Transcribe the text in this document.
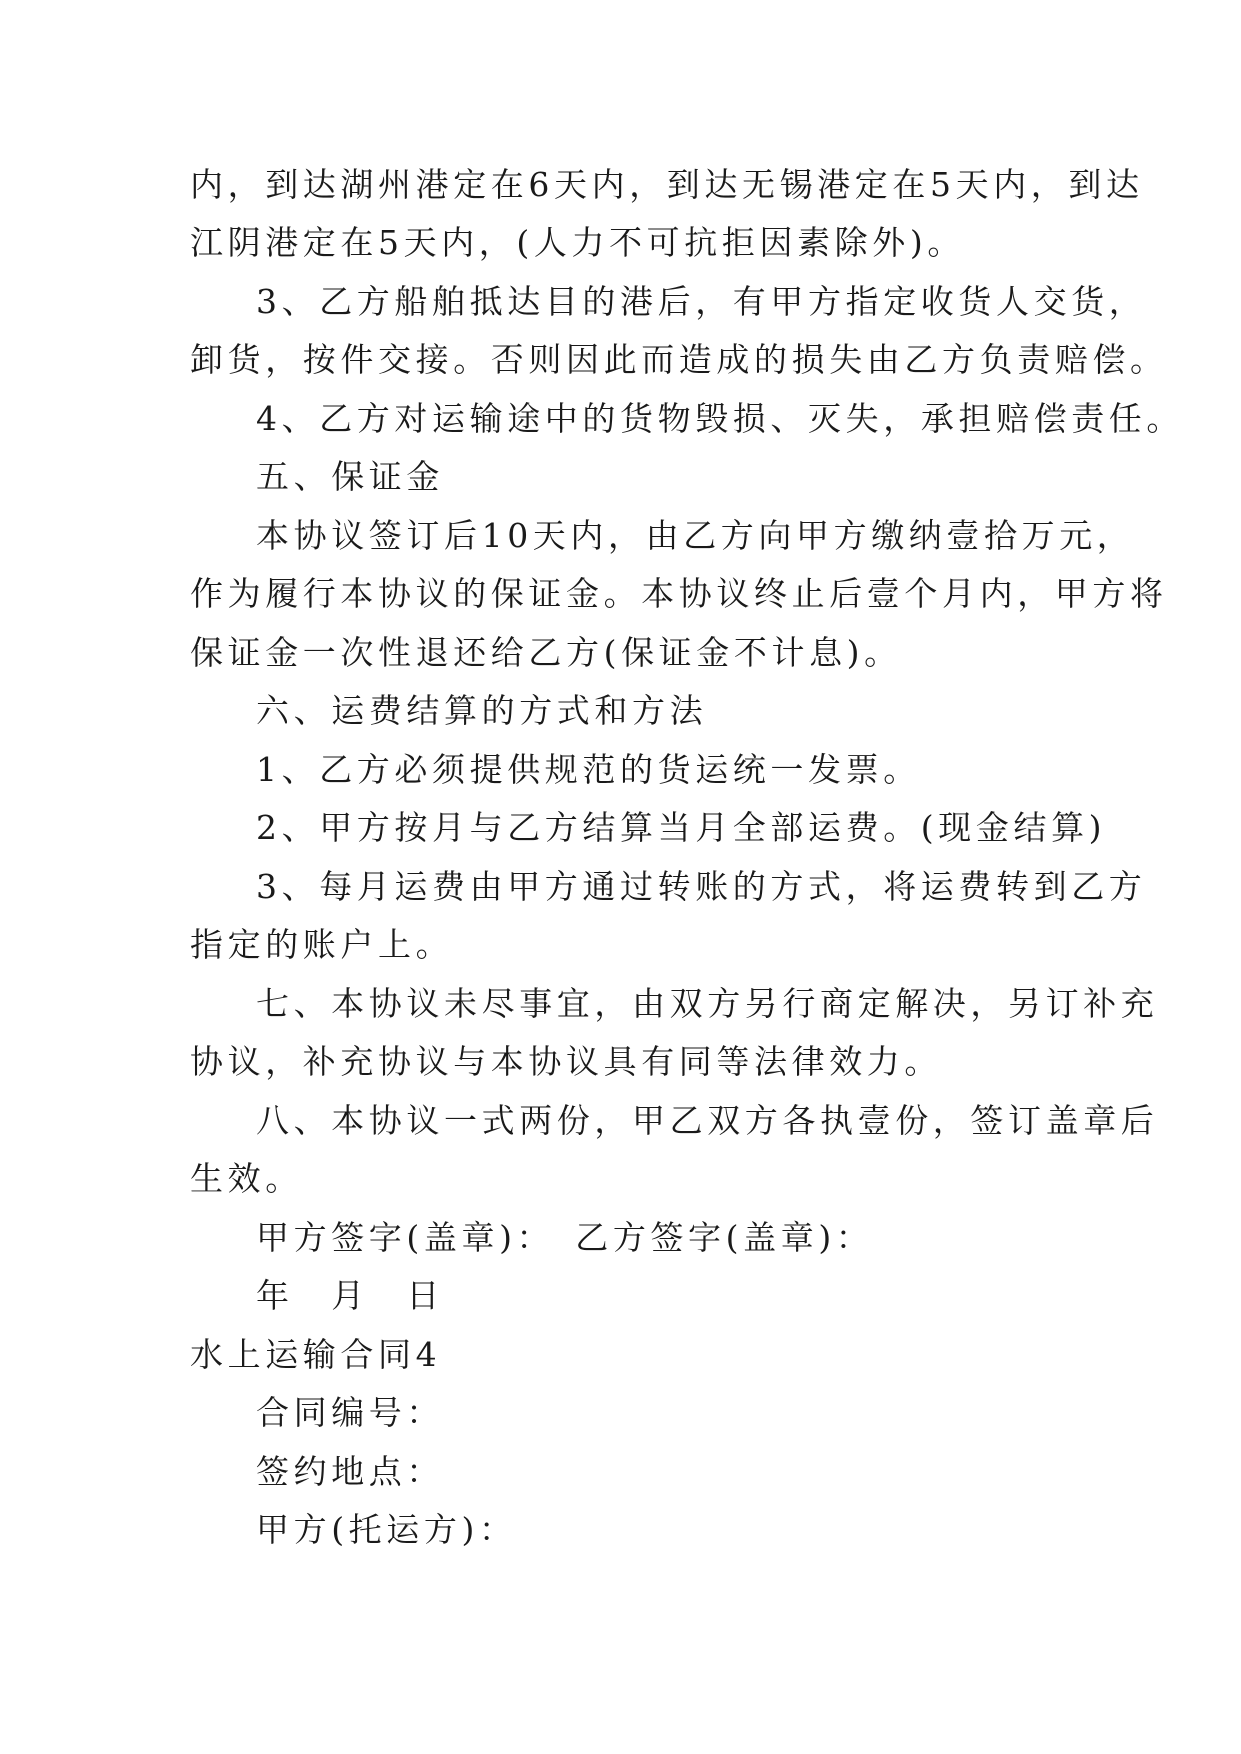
内，到达湖州港定在6天内，到达无锡港定在5天内，到达
江阴港定在5天内，(人力不可抗拒因素除外)。
3、乙方船舶抵达目的港后，有甲方指定收货人交货，
卸货，按件交接。否则因此而造成的损失由乙方负责赔偿。
4、乙方对运输途中的货物毁损、灭失，承担赔偿责任。
五、保证金
本协议签订后10天内，由乙方向甲方缴纳壹拾万元，
作为履行本协议的保证金。本协议终止后壹个月内，甲方将
保证金一次性退还给乙方(保证金不计息)。
六、运费结算的方式和方法
1、乙方必须提供规范的货运统一发票。
2、甲方按月与乙方结算当月全部运费。(现金结算)
3、每月运费由甲方通过转账的方式，将运费转到乙方
指定的账户上。
七、本协议未尽事宜，由双方另行商定解决，另订补充
协议，补充协议与本协议具有同等法律效力。
八、本协议一式两份，甲乙双方各执壹份，签订盖章后
生效。
甲方签字(盖章)：　乙方签字(盖章)：
年　月　日
水上运输合同4
合同编号：
签约地点：
甲方(托运方)：
